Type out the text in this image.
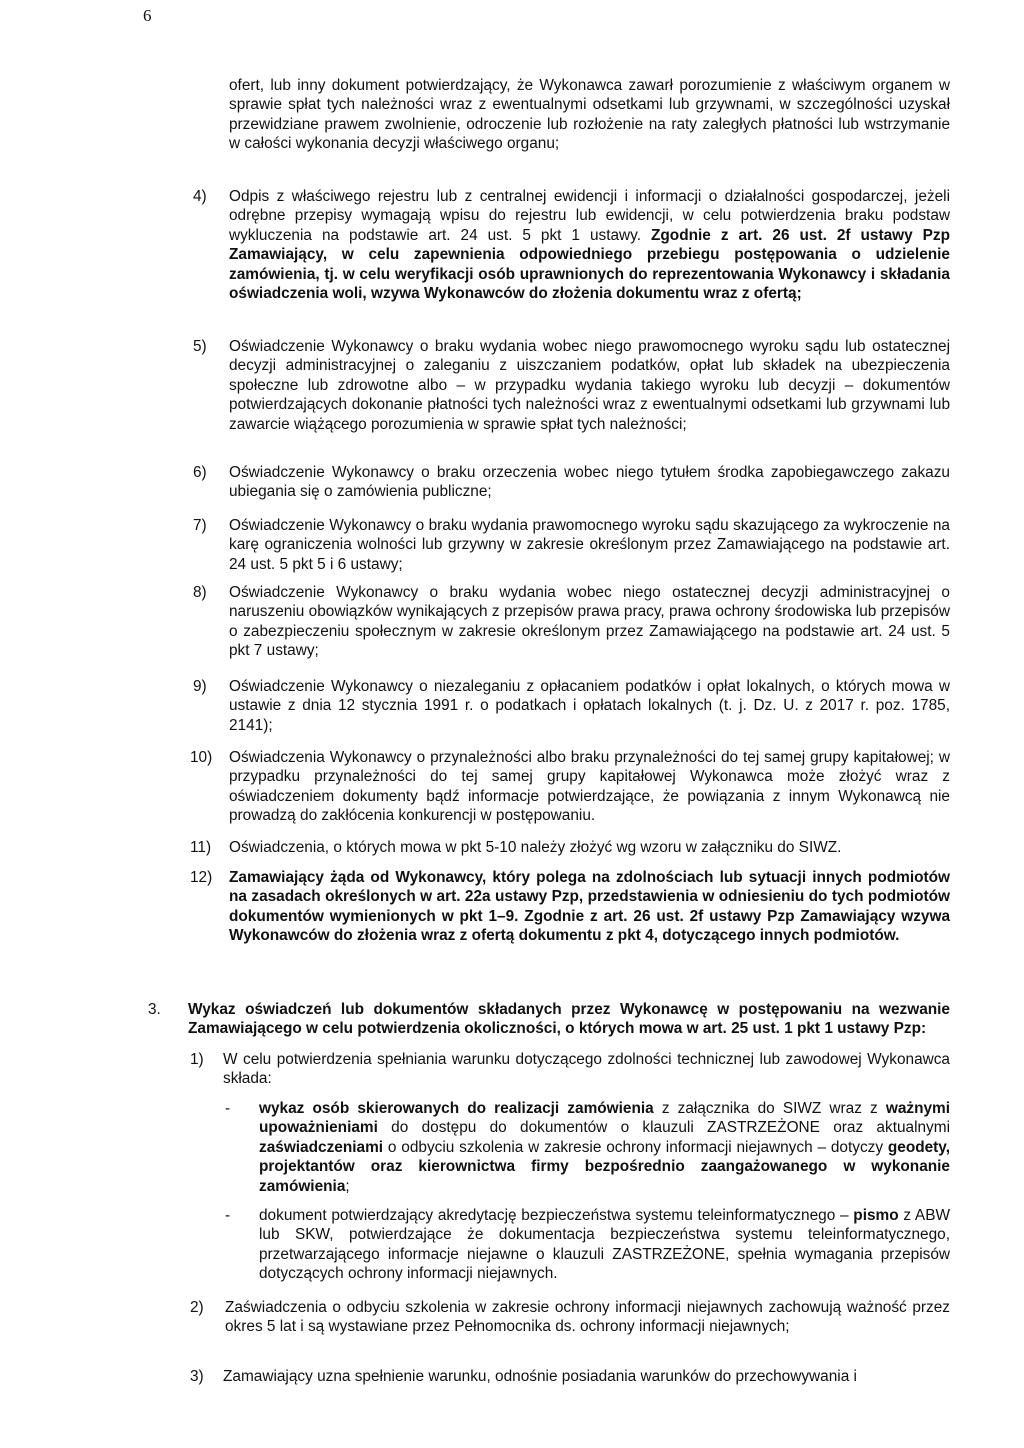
6
ofert, lub inny dokument potwierdzający, że Wykonawca zawarł porozumienie z właściwym organem w sprawie spłat tych należności wraz z ewentualnymi odsetkami lub grzywnami, w szczególności uzyskał przewidziane prawem zwolnienie, odroczenie lub rozłożenie na raty zaległych płatności lub wstrzymanie w całości wykonania decyzji właściwego organu;
4) Odpis z właściwego rejestru lub z centralnej ewidencji i informacji o działalności gospodarczej, jeżeli odrębne przepisy wymagają wpisu do rejestru lub ewidencji, w celu potwierdzenia braku podstaw wykluczenia na podstawie art. 24 ust. 5 pkt 1 ustawy. Zgodnie z art. 26 ust. 2f ustawy Pzp Zamawiający, w celu zapewnienia odpowiedniego przebiegu postępowania o udzielenie zamówienia, tj. w celu weryfikacji osób uprawnionych do reprezentowania Wykonawcy i składania oświadczenia woli, wzywa Wykonawców do złożenia dokumentu wraz z ofertą;
5) Oświadczenie Wykonawcy o braku wydania wobec niego prawomocnego wyroku sądu lub ostatecznej decyzji administracyjnej o zaleganiu z uiszczaniem podatków, opłat lub składek na ubezpieczenia społeczne lub zdrowotne albo – w przypadku wydania takiego wyroku lub decyzji – dokumentów potwierdzających dokonanie płatności tych należności wraz z ewentualnymi odsetkami lub grzywnami lub zawarcie wiążącego porozumienia w sprawie spłat tych należności;
6) Oświadczenie Wykonawcy o braku orzeczenia wobec niego tytułem środka zapobiegawczego zakazu ubiegania się o zamówienia publiczne;
7) Oświadczenie Wykonawcy o braku wydania prawomocnego wyroku sądu skazującego za wykroczenie na karę ograniczenia wolności lub grzywny w zakresie określonym przez Zamawiającego na podstawie art. 24 ust. 5 pkt 5 i 6 ustawy;
8) Oświadczenie Wykonawcy o braku wydania wobec niego ostatecznej decyzji administracyjnej o naruszeniu obowiązków wynikających z przepisów prawa pracy, prawa ochrony środowiska lub przepisów o zabezpieczeniu społecznym w zakresie określonym przez Zamawiającego na podstawie art. 24 ust. 5 pkt 7 ustawy;
9) Oświadczenie Wykonawcy o niezaleganiu z opłacaniem podatków i opłat lokalnych, o których mowa w ustawie z dnia 12 stycznia 1991 r. o podatkach i opłatach lokalnych (t. j. Dz. U. z 2017 r. poz. 1785, 2141);
10) Oświadczenia Wykonawcy o przynależności albo braku przynależności do tej samej grupy kapitałowej; w przypadku przynależności do tej samej grupy kapitałowej Wykonawca może złożyć wraz z oświadczeniem dokumenty bądź informacje potwierdzające, że powiązania z innym Wykonawcą nie prowadzą do zakłócenia konkurencji w postępowaniu.
11) Oświadczenia, o których mowa w pkt 5-10 należy złożyć wg wzoru w załączniku do SIWZ.
12) Zamawiający żąda od Wykonawcy, który polega na zdolnościach lub sytuacji innych podmiotów na zasadach określonych w art. 22a ustawy Pzp, przedstawienia w odniesieniu do tych podmiotów dokumentów wymienionych w pkt 1–9. Zgodnie z art. 26 ust. 2f ustawy Pzp Zamawiający wzywa Wykonawców do złożenia wraz z ofertą dokumentu z pkt 4, dotyczącego innych podmiotów.
3. Wykaz oświadczeń lub dokumentów składanych przez Wykonawcę w postępowaniu na wezwanie Zamawiającego w celu potwierdzenia okoliczności, o których mowa w art. 25 ust. 1 pkt 1 ustawy Pzp:
1) W celu potwierdzenia spełniania warunku dotyczącego zdolności technicznej lub zawodowej Wykonawca składa:
- wykaz osób skierowanych do realizacji zamówienia z załącznika do SIWZ wraz z ważnymi upoważnieniami do dostępu do dokumentów o klauzuli ZASTRZEŻONE oraz aktualnymi zaświadczeniami o odbyciu szkolenia w zakresie ochrony informacji niejawnych – dotyczy geodety, projektantów oraz kierownictwa firmy bezpośrednio zaangażowanego w wykonanie zamówienia;
- dokument potwierdzający akredytację bezpieczeństwa systemu teleinformatycznego – pismo z ABW lub SKW, potwierdzające że dokumentacja bezpieczeństwa systemu teleinformatycznego, przetwarzającego informacje niejawne o klauzuli ZASTRZEŻONE, spełnia wymagania przepisów dotyczących ochrony informacji niejawnych.
2) Zaświadczenia o odbyciu szkolenia w zakresie ochrony informacji niejawnych zachowują ważność przez okres 5 lat i są wystawiane przez Pełnomocnika ds. ochrony informacji niejawnych;
3) Zamawiający uzna spełnienie warunku, odnośnie posiadania warunków do przechowywania i
